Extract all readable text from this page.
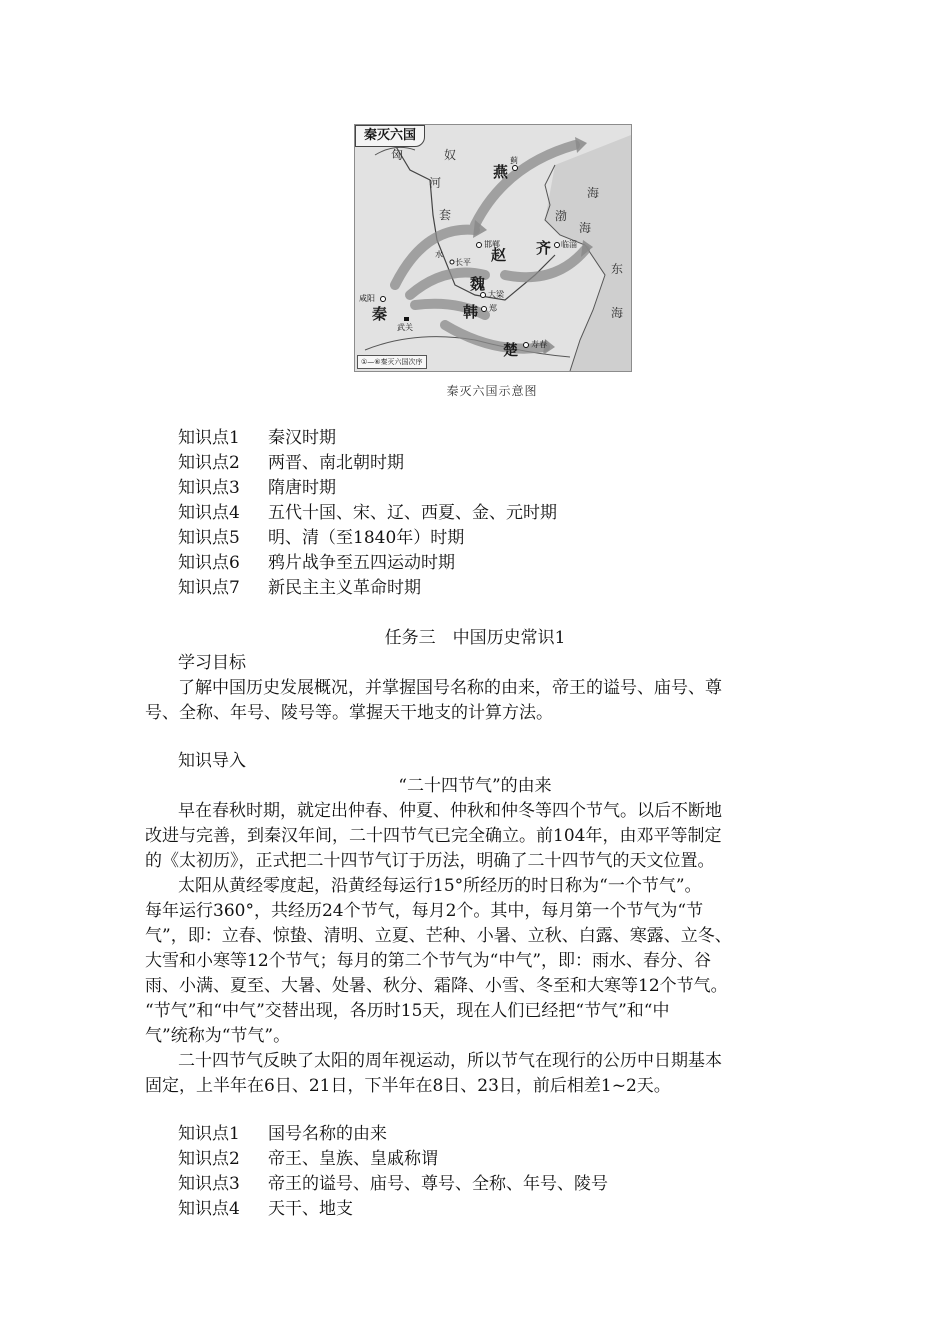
秦灭六国
①—⑥秦灭六国次序
匈	奴
河
套
燕
赵
魏
韩
齐
楚
秦
渤
海
东
海
海
蓟
邯郸
长平
临淄
大梁
郑
咸阳
武关
寿春
水
秦灭六国示意图
知识点1 秦汉时期
知识点2 两晋、南北朝时期
知识点3 隋唐时期
知识点4 五代十国、宋、辽、西夏、金、元时期
知识点5 明、清（至1840年）时期
知识点6 鸦片战争至五四运动时期
知识点7 新民主主义革命时期
任务三　中国历史常识1
学习目标
了解中国历史发展概况，并掌握国号名称的由来，帝王的谥号、庙号、尊
号、全称、年号、陵号等。掌握天干地支的计算方法。
知识导入
“二十四节气”的由来
早在春秋时期，就定出仲春、仲夏、仲秋和仲冬等四个节气。以后不断地
改进与完善，到秦汉年间，二十四节气已完全确立。前104年，由邓平等制定
的《太初历》，正式把二十四节气订于历法，明确了二十四节气的天文位置。
太阳从黄经零度起，沿黄经每运行15°所经历的时日称为“一个节气”。
每年运行360°，共经历24个节气，每月2个。其中，每月第一个节气为“节
气”，即：立春、惊蛰、清明、立夏、芒种、小暑、立秋、白露、寒露、立冬、
大雪和小寒等12个节气；每月的第二个节气为“中气”，即：雨水、春分、谷
雨、小满、夏至、大暑、处暑、秋分、霜降、小雪、冬至和大寒等12个节气。
“节气”和“中气”交替出现，各历时15天，现在人们已经把“节气”和“中
气”统称为“节气”。
二十四节气反映了太阳的周年视运动，所以节气在现行的公历中日期基本
固定，上半年在6日、21日，下半年在8日、23日，前后相差1~2天。
知识点1 国号名称的由来
知识点2 帝王、皇族、皇戚称谓
知识点3 帝王的谥号、庙号、尊号、全称、年号、陵号
知识点4 天干、地支
